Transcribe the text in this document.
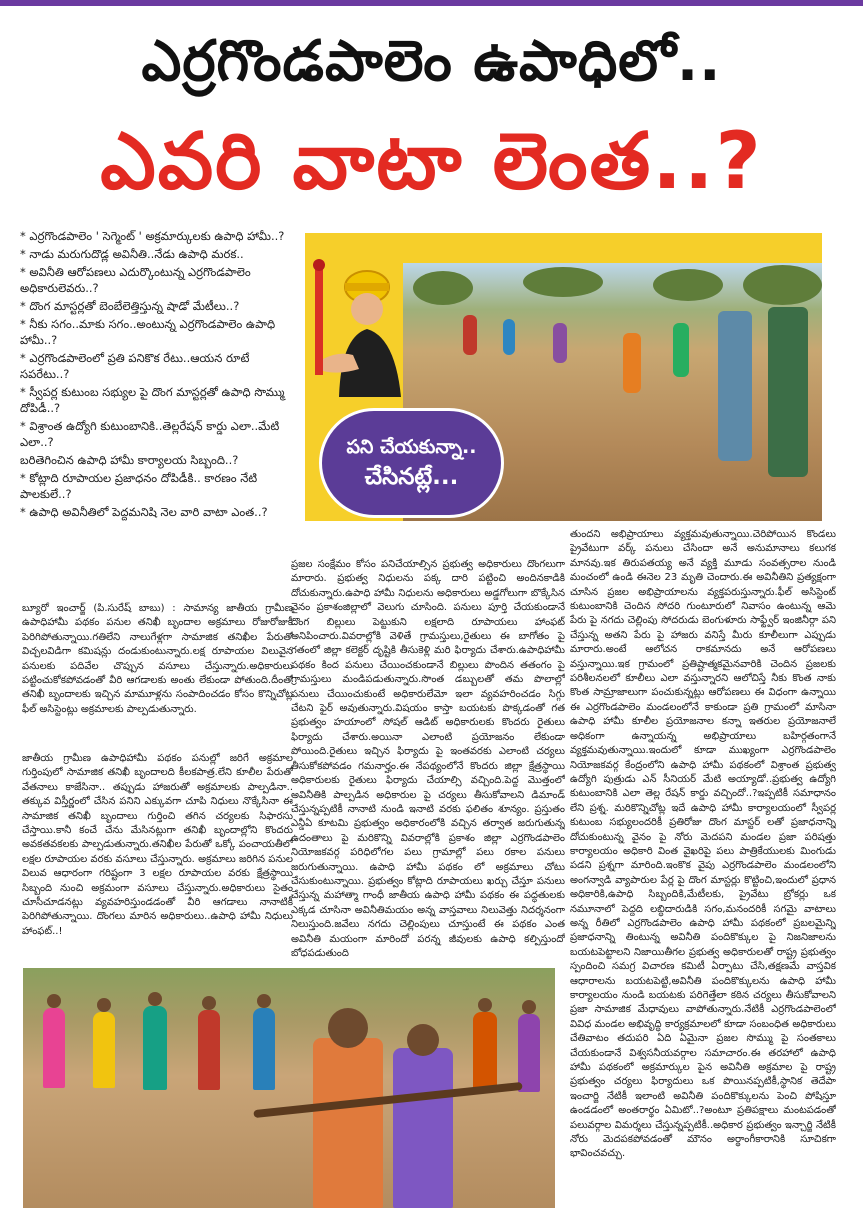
ఎర్రగొండపాలెం ఉపాధిలో..
ఎవరి వాటా లెంత..?
* ఎర్రగొండపాలెం ' సెగ్మెంట్ ' అక్రమార్కులకు ఉపాధి హామీ..?
* నాడు మరుగుదొడ్ల అవినీతి..నేడు ఉపాధి మరక..
* అవినీతి ఆరోపణలు ఎదుర్కొంటున్న ఎర్రగొండపాలెం అధికారులెవరు..?
* దొంగ మాస్టర్లతో బెంబేలెత్తిస్తున్న షాడో మేటీలు..?
* నీకు సగం..మాకు సగం..అంటున్న ఎర్రగొండపాలెం ఉపాధి హామీ..?
* ఎర్రగొండపాలెంలో ప్రతి పనికొక రేటు..ఆయన రూటే సపరేటు..?
* స్వీపర్ల కుటుంబ సభ్యుల పై దొంగ మాస్టర్లతో ఉపాధి సొమ్ము దోపిడీ..?
* విశ్రాంత ఉద్యోగి కుటుంబానికి..తెల్లరేషన్ కార్డు ఎలా..మేటి ఎలా..?
బరితెగించిన ఉపాధి హామీ కార్యాలయ సిబ్బంది..?
* కోట్లాది రూపాయల ప్రజాధనం దోపిడీకి.. కారణం నేటి పాలకులే..?
* ఉపాధి అవినీతిలో పెద్దమనిషి నెల వారి వాటా ఎంత..?
పని చేయకున్నా..
చేసినట్లే...
బ్యూరో ఇంచార్జ్ (పి.సురేష్ బాబు) : సామాన్య జాతీయ గ్రామీణ ఉపాధిహామీ పథకం పనుల తనిఖీ బృందాల అక్రమాలు రోజురోజుకీ పెరిగిపోతున్నాయి.గతిలేని నాలుగేళ్లగా సామాజిక తనిఖీల పేరుతో విచ్చలవిడిగా కమిషన్లు దండుకుంటున్నారు.లక్ష రూపాయల విలువైన పనులకు పదివేల చొప్పున వసూలు చేస్తున్నారు.అధికారులు పట్టించుకోకపోవడంతో వీరి ఆగడాలకు అంతు లేకుండా పోతుంది.దీంతో తనిఖీ బృందాలకు ఇచ్చిన మామూళ్లను సంపాదించడం కోసం కొన్నిచోట్ల ఫీల్ అసిస్టెంట్లు అక్రమాలకు పాల్పడుతున్నారు.
జాతీయ గ్రామీణ ఉపాధిహామీ పథకం పనుల్లో జరిగే అక్రమాల గుర్తింపులో సామాజిక తనిఖీ బృందాలది కీలకపాత్ర.లేని కూలీల పేరుతో వేతనాలు కాజేసినా.. తప్పుడు హాజరుతో అక్రమాలకు పాల్పడినా.. తక్కువ విస్తీర్ణంలో చేసిన పనిని ఎక్కువగా చూపి నిధులు నొక్కేసినా ఈ సామాజిక తనిఖీ బృందాలు గుర్తించి తగిన చర్యలకు సిఫారసు చేస్తాయి.కానీ కంచే చేను మేసినట్లుగా తనిఖీ బృందాల్లోని కొందరు అవకతవకలకు పాల్పడుతున్నారు.తనిఖీల పేరుతో ఒక్కో పంచాయతీలో లక్షల రూపాయల వరకు వసూలు చేస్తున్నారు. అక్రమాలు జరిగిన పనుల విలువ ఆధారంగా గరిష్టంగా 3 లక్షల రూపాయల వరకు క్షేత్రస్థాయి సిబ్బంది నుంచి అక్రమంగా వసూలు చేస్తున్నారు.అధికారులు సైతం చూసీచూడనట్లు వ్యవహరిస్తుండడంతో వీరి ఆగడాలు నానాటికీ పెరిగిపోతున్నాయి. దొంగలు మారిన అధికారులు..ఉపాధి హామీ నిధులు హాంఫట్..!
ప్రజల సంక్షేమం కోసం పనిచేయాల్సిన ప్రభుత్వ అధికారులు దొంగలుగా మారారు. ప్రభుత్వ నిధులను పక్క దారి పట్టించి అందినకాడికి దోచుకున్నారు.ఉపాధి హామీ నిధులను అధికారులు అడ్డగోలుగా బొక్కేసిన వైనం ప్రకాశంజిల్లాలో వెలుగు చూసింది. పనులు పూర్తి చేయకుండానే దొంగ బిల్లులు పెట్టుకుని లక్షలాది రూపాయలు హాంఫట్ అనిపించారు.వివరాల్లోకి వెళితే గ్రామస్తులు,రైతులు ఈ బాగోతం పై గతంలో జిల్లా కలెక్టర్ దృష్టికి తీసుకెళ్లి మరి ఫిర్యాదు చేశారు.ఉపాధిహామీ పథకం కింద పనులు చేయించకుండానే బిల్లులు పొందిన తతంగం పై గ్రామస్తులు మండిపడుతున్నారు.సొంత డబ్బులతో తమ పొలాల్లో పనులు చేయించుకుంటే అధికారులేమో ఇలా వ్యవహరించడం సిగ్గు చేటని ఫైర్ అవుతున్నారు.విషయం కాస్తా బయటకు పొక్కడంతో గత ప్రభుత్వం హయాంలో సోషల్ ఆడిట్ అధికారులకు కొందరు రైతులు ఫిర్యాదు చేశారు.అయినా ఎలాంటి ప్రయోజనం లేకుండా పోయింది.రైతులు ఇచ్చిన ఫిర్యాదు పై ఇంతవరకు ఎలాంటి చర్యలు తీసుకోకపోవడం గమనార్హం.ఈ నేపథ్యంలోనే కొందరు జిల్లా క్షేత్రస్థాయి అధికారులకు రైతులు ఫిర్యాదు చేయాల్సి వచ్చింది.పెద్ద మొత్తంలో అవినీతికి పాల్పడిన అధికారుల పై చర్యలు తీసుకోవాలని డిమాండ్ చేస్తున్నప్పటికీ నానాటి నుండి ఇనాటి వరకు ఫలితం శూన్యం. ప్రస్తుతం ఎన్డీఏ కూటమి ప్రభుత్వం అధికారంలోకి వచ్చిన తర్వాత జరుగుతున్న ఉదంతాలు పై మరికొన్ని వివరాల్లోకి ప్రకాశం జిల్లా ఎర్రగొండపాలెం నియోజకవర్గ పరిధిలోగల పలు గ్రామాల్లో పలు రకాల పనులు జరుగుతున్నాయి. ఉపాధి హామీ పథకం లో అక్రమాలు చోటు చేసుకుంటున్నాయి. ప్రభుత్వం కోట్లాది రూపాయలు ఖర్చు చేస్తూ పనులు చేస్తున్న మహాత్మా గాంధీ జాతీయ ఉపాధి హామీ పథకం ఈ పద్ధతులకు ఎక్కడ చూసినా అవినీతిమయం అన్న వాస్తవాలు నిలువెత్తు నిదర్శనంగా నిలుస్తుంది.జవేలు నగదు చెల్లింపులు చూస్తుంటే ఈ పథకం ఎంత అవినీతి మయంగా మారిందో పరన్న జీవులకు ఉపాధి కల్పిస్తుందో బోధపడుతుంది
తుందని అభిప్రాయాలు వ్యక్తమవుతున్నాయి.చెరిపోయిన కొండలు ప్రైవేటుగా వర్క్ పనులు చేసిందా అనే అనుమానాలు కలుగక మానవు.ఇక తిరుపతయ్య అనే వ్యక్తి మూడు సంవత్సరాల నుండి మంచంలో ఉండి ఈనెల 23 మృతి చెందారు.ఈ అవినీతిని ప్రత్యక్షంగా చూసిన ప్రజల అభిప్రాయాలను వ్యక్తపరుస్తున్నారు.ఫీల్ అసిస్టెంట్ కుటుంబానికి చెందిన సోదరి గుంటూరులో నివాసం ఉంటున్న ఆమె పేరు పై నగదు చెల్లింపు సోదరుడు బెంగుళూరు సాఫ్ట్వేర్ ఇంజినీర్గా పని చేస్తున్న అతని పేరు పై హాజరు వనిస్తే మీరు కూలీలుగా ఎప్పుడు మారారు.అంటే ఆలోచన రాకమానదు అనే ఆరోపణలు వస్తున్నాయి.ఇక గ్రామంలో ప్రతిష్టాత్మకమైనవారికి చెందిన ప్రజలకు పరిశీలనలలో కూలీలు ఎలా వస్తున్నారని ఆలోచిస్తే నీకు కొంత నాకు కొంత సామ్రాజాలుగా పంచుకున్నట్లు ఆరోపణలు ఈ విధంగా ఉన్నాయి ఈ ఎర్రగొండపాలెం మండలంలోనే కాకుండా ప్రతి గ్రామంలో మాసినా ఉపాధి హామీ కూలీల ప్రయోజనాల కన్నా ఇతరుల ప్రయోజనాలే అధికంగా ఉన్నాయన్న అభిప్రాయాలు బహిర్గతంగానే వ్యక్తమవుతున్నాయి.ఇందులో కూడా ముఖ్యంగా ఎర్రగొండపాలెం నియోజకవర్గ కేంద్రంలోని ఉపాధి హామీ పథకంలో విశ్రాంత ప్రభుత్వ ఉద్యోగి పుత్రుడు ఎన్ సీనియర్ మేటి అయ్యాడో..ప్రభుత్వ ఉద్యోగి కుటుంబానికి ఎలా తెల్ల రేషన్ కార్డు వచ్చిందో..?ఇప్పటికీ సమాధానం లేని ప్రశ్న. మరికొన్నిచోట్ల ఇదే ఉపాధి హామీ కార్యాలయంలో స్వీపర్ల కుటుంబ సభ్యులందరికీ ప్రతిరోజు దొంగ మాస్టర్ లతో ప్రజాధనాన్ని దోచుకుంటున్న వైనం పై నోరు మెదపని మండల ప్రజా పరిషత్తు కార్యాలయం అధికారి వింత వైఖరిపై పలు పాత్రికేయులకు మింగుడు పడని ప్రశ్నగా మారింది.ఇంకొక వైపు ఎర్రగొండపాలెం మండలంలోని అంగన్వాడి వ్యాపారుల పేర్ల పై దొంగ మాస్టర్లు కొట్టించి,ఇందులో ప్రధాన అధికారికి,ఉపాధి సిబ్బందికి,మేటీలకు, ప్రైవేటు బ్రోకర్లు ఒక నమూనాలో పెద్దది లబ్ధిదారుడికి సగం,మనందరికీ సగమై వాటాలు అన్న రీతిలో ఎర్రగొండపాలెం ఉపాధి హామీ పథకంలో ప్రబలమైన్ని ప్రజాధనాన్ని తింటున్న అవినీతి పందికొక్కుల పై నిజనిజాలను బయటపెట్టాలని నిజాయితీగల ప్రభుత్వ అధికారులతో రాష్ట్ర ప్రభుత్వం స్పందించి సమగ్ర విచారణ కమిటీ ఏర్పాటు చేసి,తక్షణమే వాస్తవిక ఆధారాలను బయటపెట్టి,అవినీతి పందికొక్కులను ఉపాధి హామీ కార్యాలయం నుండి బయటకు పరిగెత్తేలా కఠిన చర్యలు తీసుకోవాలని ప్రజా సామాజిక మేధావులు వాపోతున్నారు.నేటికీ ఎర్రగొండపాలెంలో వివిధ మండల అభివృద్ధి కార్యక్రమాలలో కూడా సంబంధిత అధికారులు చేతివాటం తదుపరి ఏది ఏమైనా ప్రజల సొమ్ము పై సంతకాలు చేయకుండానే విశ్వసనీయవర్గాల సమాచారం.ఈ తరహాలో ఉపాధి హామీ పథకంలో అక్రమార్కుల పైన అవినీతి అక్రమాల పై రాష్ట్ర ప్రభుత్వం చర్యలు ఫిర్యాదులు ఒక పొయినప్పటికీ,స్థానిక తెదేపా ఇంచార్జి నేటికీ ఇలాంటి అవినీతి పందికొక్కులను పెంచి పోషిస్తూ ఉండడంలో అంతరార్థం ఏమిటో..?అంటూ ప్రతిపక్షాలు మంటపడంతో పలువర్గాల విమర్శలు చేస్తున్నప్పటికీ..అధికార ప్రభుత్వం ఇన్చార్జి నేటికీ నోరు మెదపకపోవడంతో మౌనం అర్థాంగీకారానికి సూచికగా భావించవచ్చు.
